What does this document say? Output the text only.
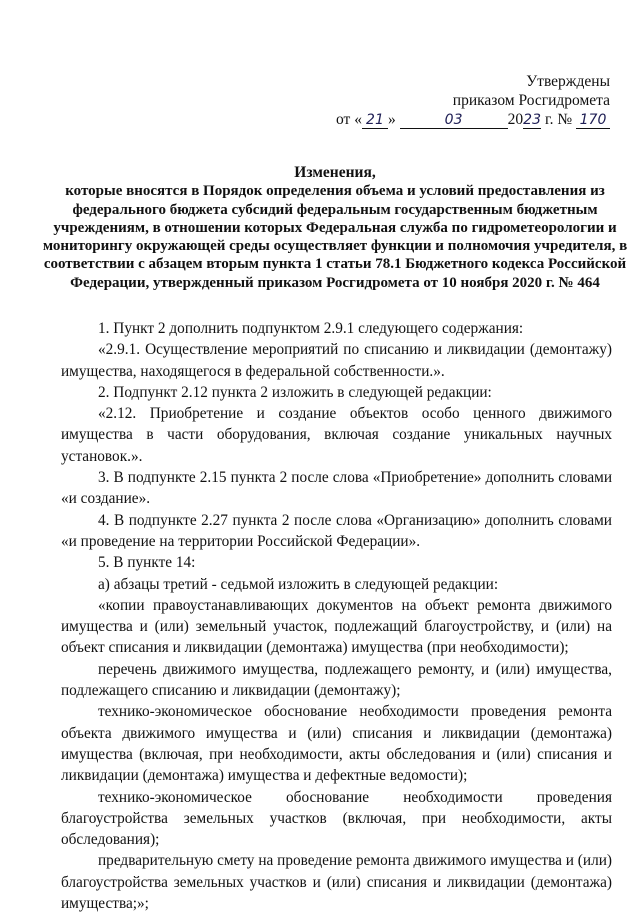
Утверждены
приказом Росгидромета
от « 21 »	03	2023 г. № 170
Изменения,
которые вносятся в Порядок определения объема и условий предоставления из федерального бюджета субсидий федеральным государственным бюджетным учреждениям, в отношении которых Федеральная служба по гидрометеорологии и мониторингу окружающей среды осуществляет функции и полномочия учредителя, в соответствии с абзацем вторым пункта 1 статьи 78.1 Бюджетного кодекса Российской Федерации, утвержденный приказом Росгидромета от 10 ноября 2020 г. № 464

1. Пункт 2 дополнить подпунктом 2.9.1 следующего содержания:

«2.9.1. Осуществление мероприятий по списанию и ликвидации (демонтажу) имущества, находящегося в федеральной собственности.».

2. Подпункт 2.12 пункта 2 изложить в следующей редакции:

«2.12. Приобретение и создание объектов особо ценного движимого имущества в части оборудования, включая создание уникальных научных установок.».

3. В подпункте 2.15 пункта 2 после слова «Приобретение» дополнить словами «и создание».

4. В подпункте 2.27 пункта 2 после слова «Организацию» дополнить словами «и проведение на территории Российской Федерации».

5. В пункте 14:

а) абзацы третий - седьмой изложить в следующей редакции:

«копии правоустанавливающих документов на объект ремонта движимого имущества и (или) земельный участок, подлежащий благоустройству, и (или) на объект списания и ликвидации (демонтажа) имущества (при необходимости);

перечень движимого имущества, подлежащего ремонту, и (или) имущества, подлежащего списанию и ликвидации (демонтажу);

технико-экономическое обоснование необходимости проведения ремонта объекта движимого имущества и (или) списания и ликвидации (демонтажа) имущества (включая, при необходимости, акты обследования и (или) списания и ликвидации (демонтажа) имущества и дефектные ведомости);

технико-экономическое обоснование необходимости проведения благоустройства земельных участков (включая, при необходимости, акты обследования);

предварительную смету на проведение ремонта движимого имущества и (или) благоустройства земельных участков и (или) списания и ликвидации (демонтажа) имущества;»;
